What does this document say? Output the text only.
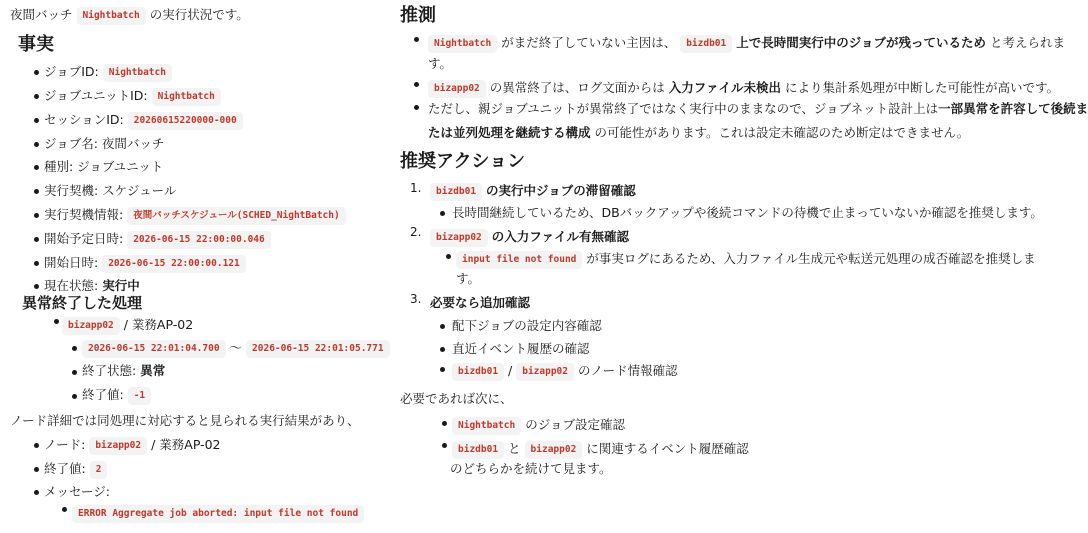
夜間バッチ Nightbatch の実行状況です。
事実
ジョブID: Nightbatch
ジョブユニットID: Nightbatch
セッションID: 20260615220000-000
ジョブ名: 夜間バッチ
種別: ジョブユニット
実行契機: スケジュール
実行契機情報: 夜間バッチスケジュール(SCHED_NightBatch)
開始予定日時: 2026-06-15 22:00:00.046
開始日時: 2026-06-15 22:00:00.121
現在状態: 実行中
異常終了した処理
bizapp02 / 業務AP-02
2026-06-15 22:01:04.700 〜 2026-06-15 22:01:05.771
終了状態: 異常
終了値: -1
ノード詳細では同処理に対応すると見られる実行結果があり、
ノード: bizapp02 / 業務AP-02
終了値: 2
メッセージ:
ERROR Aggregate job aborted: input file not found
推測
Nightbatch がまだ終了していない主因は、 bizdb01 上で長時間実行中のジョブが残っているため と考えられま
す。
bizapp02 の異常終了は、ログ文面からは 入力ファイル未検出 により集計系処理が中断した可能性が高いです。
ただし、親ジョブユニットが異常終了ではなく実行中のままなので、ジョブネット設計上は一部異常を許容して後続ま
たは並列処理を継続する構成 の可能性があります。これは設定未確認のため断定はできません。
推奨アクション
1.	bizdb01 の実行中ジョブの滞留確認
長時間継続しているため、DBバックアップや後続コマンドの待機で止まっていないか確認を推奨します。
2.	bizapp02 の入力ファイル有無確認
input file not found が事実ログにあるため、入力ファイル生成元や転送元処理の成否確認を推奨しま
す。
3. 必要なら追加確認
配下ジョブの設定内容確認
直近イベント履歴の確認
bizdb01 / bizapp02 のノード情報確認
必要であれば次に、
Nightbatch のジョブ設定確認
bizdb01 と bizapp02 に関連するイベント履歴確認
のどちらかを続けて見ます。
